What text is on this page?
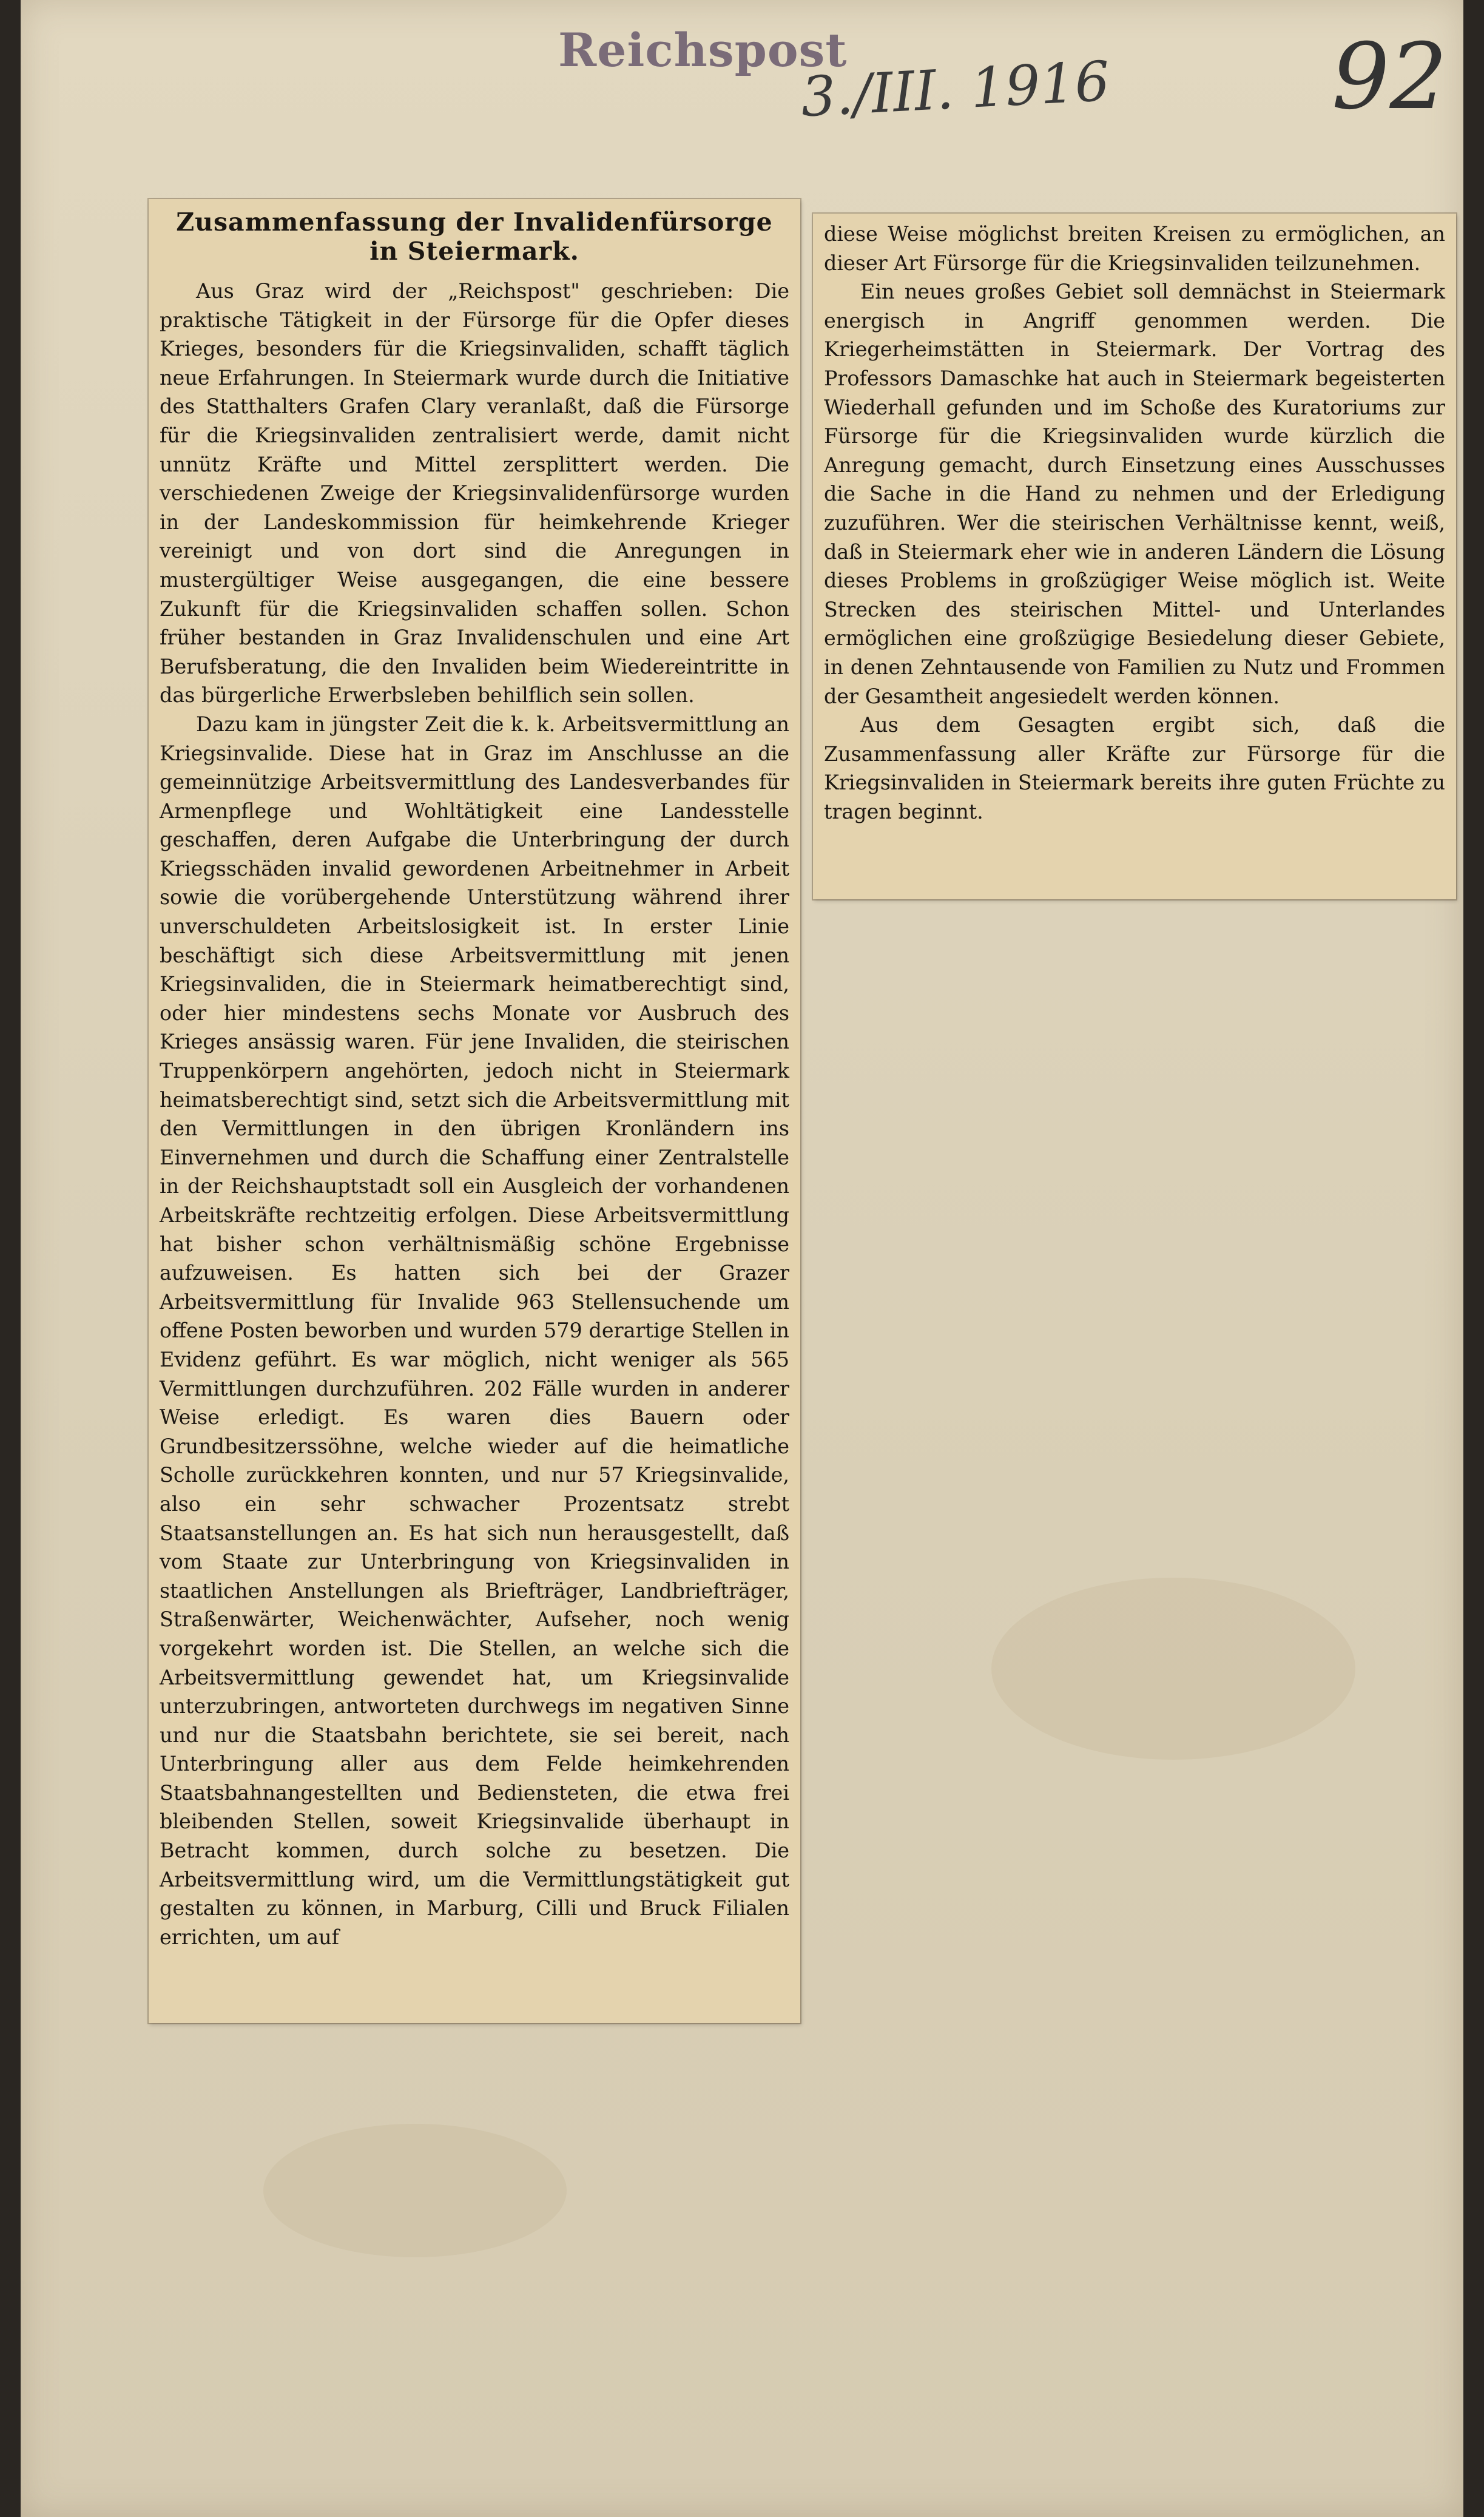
Reichspost
3./III. 1916 92
Zusammenfassung der Invalidenfürsorge
in Steiermark.

Aus Graz wird der „Reichspost" geschrieben: Die praktische Tätigkeit in der Fürsorge für die Opfer dieses Krieges, besonders für die Kriegsinvaliden, schafft täglich neue Erfahrungen. In Steiermark wurde durch die Initiative des Statthalters Grafen Clary veranlaßt, daß die Fürsorge für die Kriegsinvaliden zentralisiert werde, damit nicht unnütz Kräfte und Mittel zersplittert werden. Die verschiedenen Zweige der Kriegsinvalidenfürsorge wurden in der Landeskommission für heimkehrende Krieger vereinigt und von dort sind die Anregungen in mustergültiger Weise ausgegangen, die eine bessere Zukunft für die Kriegsinvaliden schaffen sollen. Schon früher bestanden in Graz Invalidenschulen und eine Art Berufsberatung, die den Invaliden beim Wiedereintritte in das bürgerliche Erwerbsleben behilflich sein sollen.

Dazu kam in jüngster Zeit die k. k. Arbeitsvermittlung an Kriegsinvalide. Diese hat in Graz im Anschlusse an die gemeinnützige Arbeitsvermittlung des Landesverbandes für Armenpflege und Wohltätigkeit eine Landesstelle geschaffen, deren Aufgabe die Unterbringung der durch Kriegsschäden invalid gewordenen Arbeitnehmer in Arbeit sowie die vorübergehende Unterstützung während ihrer unverschuldeten Arbeitslosigkeit ist. In erster Linie beschäftigt sich diese Arbeitsvermittlung mit jenen Kriegsinvaliden, die in Steiermark heimatberechtigt sind, oder hier mindestens sechs Monate vor Ausbruch des Krieges ansässig waren. Für jene Invaliden, die steirischen Truppenkörpern angehörten, jedoch nicht in Steiermark heimatsberechtigt sind, setzt sich die Arbeitsvermittlung mit den Vermittlungen in den übrigen Kronländern ins Einvernehmen und durch die Schaffung einer Zentralstelle in der Reichshauptstadt soll ein Ausgleich der vorhandenen Arbeitskräfte rechtzeitig erfolgen. Diese Arbeitsvermittlung hat bisher schon verhältnismäßig schöne Ergebnisse aufzuweisen. Es hatten sich bei der Grazer Arbeitsvermittlung für Invalide 963 Stellensuchende um offene Posten beworben und wurden 579 derartige Stellen in Evidenz geführt. Es war möglich, nicht weniger als 565 Vermittlungen durchzuführen. 202 Fälle wurden in anderer Weise erledigt. Es waren dies Bauern oder Grundbesitzerssöhne, welche wieder auf die heimatliche Scholle zurückkehren konnten, und nur 57 Kriegsinvalide, also ein sehr schwacher Prozentsatz strebt Staatsanstellungen an. Es hat sich nun herausgestellt, daß vom Staate zur Unterbringung von Kriegsinvaliden in staatlichen Anstellungen als Briefträger, Landbriefträger, Straßenwärter, Weichenwächter, Aufseher, noch wenig vorgekehrt worden ist. Die Stellen, an welche sich die Arbeitsvermittlung gewendet hat, um Kriegsinvalide unterzubringen, antworteten durchwegs im negativen Sinne und nur die Staatsbahn berichtete, sie sei bereit, nach Unterbringung aller aus dem Felde heimkehrenden Staatsbahnangestellten und Bediensteten, die etwa frei bleibenden Stellen, soweit Kriegsinvalide überhaupt in Betracht kommen, durch solche zu besetzen. Die Arbeitsvermittlung wird, um die Vermittlungstätigkeit gut gestalten zu können, in Marburg, Cilli und Bruck Filialen errichten, um auf

diese Weise möglichst breiten Kreisen zu ermöglichen, an dieser Art Fürsorge für die Kriegsinvaliden teilzunehmen.

Ein neues großes Gebiet soll demnächst in Steiermark energisch in Angriff genommen werden. Die Kriegerheimstätten in Steiermark. Der Vortrag des Professors Damaschke hat auch in Steiermark begeisterten Wiederhall gefunden und im Schoße des Kuratoriums zur Fürsorge für die Kriegsinvaliden wurde kürzlich die Anregung gemacht, durch Einsetzung eines Ausschusses die Sache in die Hand zu nehmen und der Erledigung zuzuführen. Wer die steirischen Verhältnisse kennt, weiß, daß in Steiermark eher wie in anderen Ländern die Lösung dieses Problems in großzügiger Weise möglich ist. Weite Strecken des steirischen Mittel- und Unterlandes ermöglichen eine großzügige Besiedelung dieser Gebiete, in denen Zehntausende von Familien zu Nutz und Frommen der Gesamtheit angesiedelt werden können.

Aus dem Gesagten ergibt sich, daß die Zusammenfassung aller Kräfte zur Fürsorge für die Kriegsinvaliden in Steiermark bereits ihre guten Früchte zu tragen beginnt.
